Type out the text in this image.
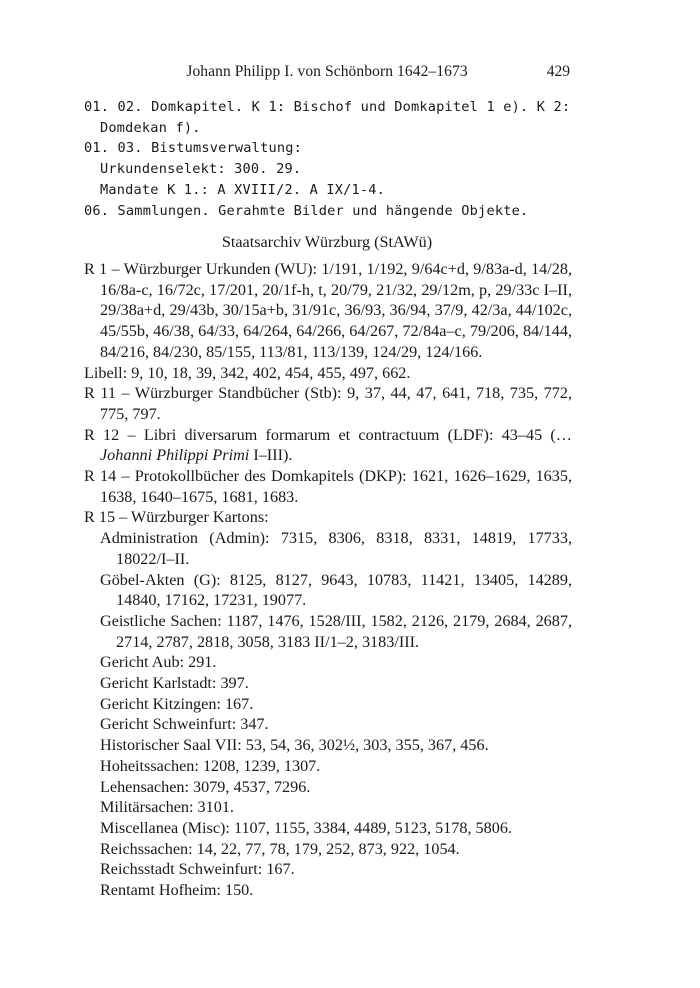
Johann Philipp I. von Schönborn 1642–1673	429

01. 02. Domkapitel. K 1: Bischof und Domkapitel 1 e). K 2: Domdekan f).

01. 03. Bistumsverwaltung:

Urkundenselekt: 300. 29.

Mandate K 1.: A XVIII/2. A IX/1-4.

06. Sammlungen. Gerahmte Bilder und hängende Objekte.

Staatsarchiv Würzburg (StAWü)

R 1 – Würzburger Urkunden (WU): 1/191, 1/192, 9/64c+d, 9/83a-d, 14/28, 16/8a-c, 16/72c, 17/201, 20/1f-h, t, 20/79, 21/32, 29/12m, p, 29/33c I–II, 29/38a+d, 29/43b, 30/15a+b, 31/91c, 36/93, 36/94, 37/9, 42/3a, 44/102c, 45/55b, 46/38, 64/33, 64/264, 64/266, 64/267, 72/84a–c, 79/206, 84/144, 84/216, 84/230, 85/155, 113/81, 113/139, 124/29, 124/166.

Libell: 9, 10, 18, 39, 342, 402, 454, 455, 497, 662.

R 11 – Würzburger Standbücher (Stb): 9, 37, 44, 47, 641, 718, 735, 772, 775, 797.

R 12 – Libri diversarum formarum et contractuum (LDF): 43–45 (…Johanni Philippi Primi I–III).

R 14 – Protokollbücher des Domkapitels (DKP): 1621, 1626–1629, 1635, 1638, 1640–1675, 1681, 1683.

R 15 – Würzburger Kartons:

Administration (Admin): 7315, 8306, 8318, 8331, 14819, 17733, 18022/I–II.

Göbel-Akten (G): 8125, 8127, 9643, 10783, 11421, 13405, 14289, 14840, 17162, 17231, 19077.

Geistliche Sachen: 1187, 1476, 1528/III, 1582, 2126, 2179, 2684, 2687, 2714, 2787, 2818, 3058, 3183 II/1–2, 3183/III.

Gericht Aub: 291.

Gericht Karlstadt: 397.

Gericht Kitzingen: 167.

Gericht Schweinfurt: 347.

Historischer Saal VII: 53, 54, 36, 302½, 303, 355, 367, 456.

Hoheitssachen: 1208, 1239, 1307.

Lehensachen: 3079, 4537, 7296.

Militärsachen: 3101.

Miscellanea (Misc): 1107, 1155, 3384, 4489, 5123, 5178, 5806.

Reichssachen: 14, 22, 77, 78, 179, 252, 873, 922, 1054.

Reichsstadt Schweinfurt: 167.

Rentamt Hofheim: 150.
